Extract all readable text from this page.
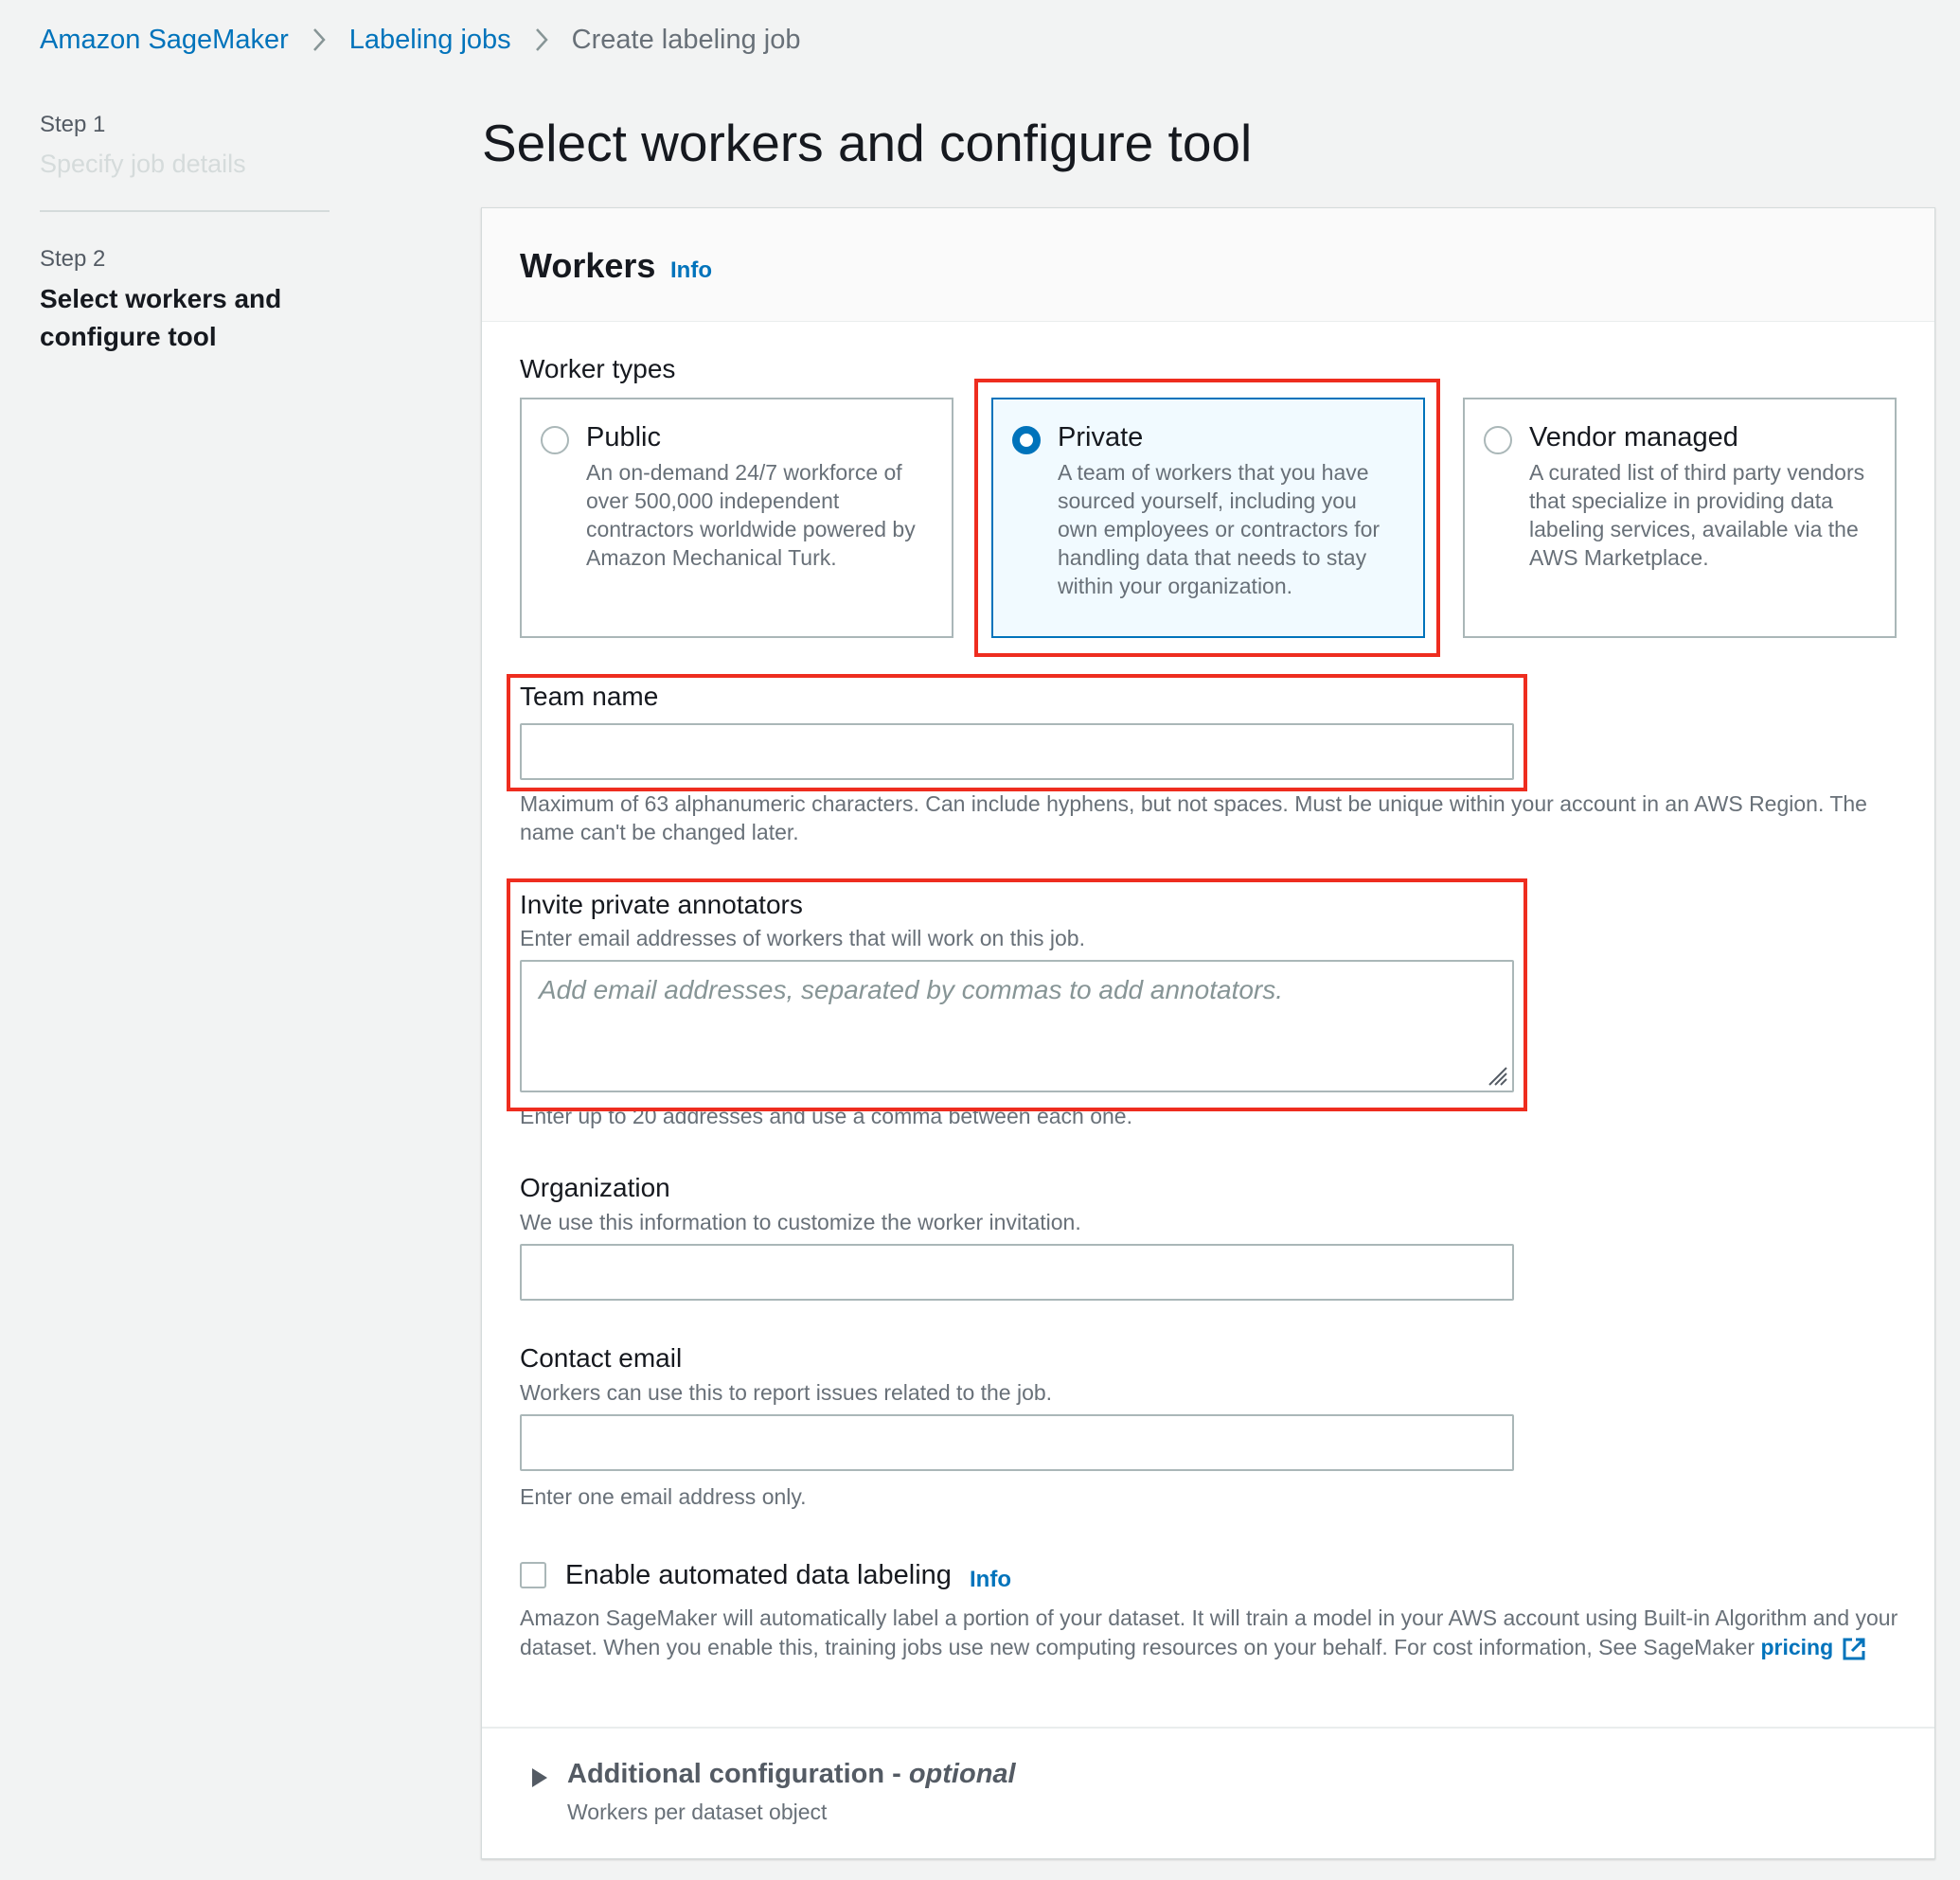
Amazon SageMaker Labeling jobs Create labeling job
Step 1
Specify job details
Step 2
Select workers and
configure tool
Select workers and configure tool
Workers Info
Worker types
Public
An on-demand 24/7 workforce of over 500,000 independent contractors worldwide powered by Amazon Mechanical Turk.
Private
A team of workers that you have sourced yourself, including you own employees or contractors for handling data that needs to stay within your organization.
Vendor managed
A curated list of third party vendors that specialize in providing data labeling services, available via the AWS Marketplace.
Team name
Maximum of 63 alphanumeric characters. Can include hyphens, but not spaces. Must be unique within your account in an AWS Region. The name can't be changed later.
Invite private annotators
Enter email addresses of workers that will work on this job.
Add email addresses, separated by commas to add annotators.
Enter up to 20 addresses and use a comma between each one.
Organization
We use this information to customize the worker invitation.
Contact email
Workers can use this to report issues related to the job.
Enter one email address only.
Enable automated data labeling Info
Amazon SageMaker will automatically label a portion of your dataset. It will train a model in your AWS account using Built-in Algorithm and your dataset. When you enable this, training jobs use new computing resources on your behalf. For cost information, See SageMaker pricing
Additional configuration - optional
Workers per dataset object
